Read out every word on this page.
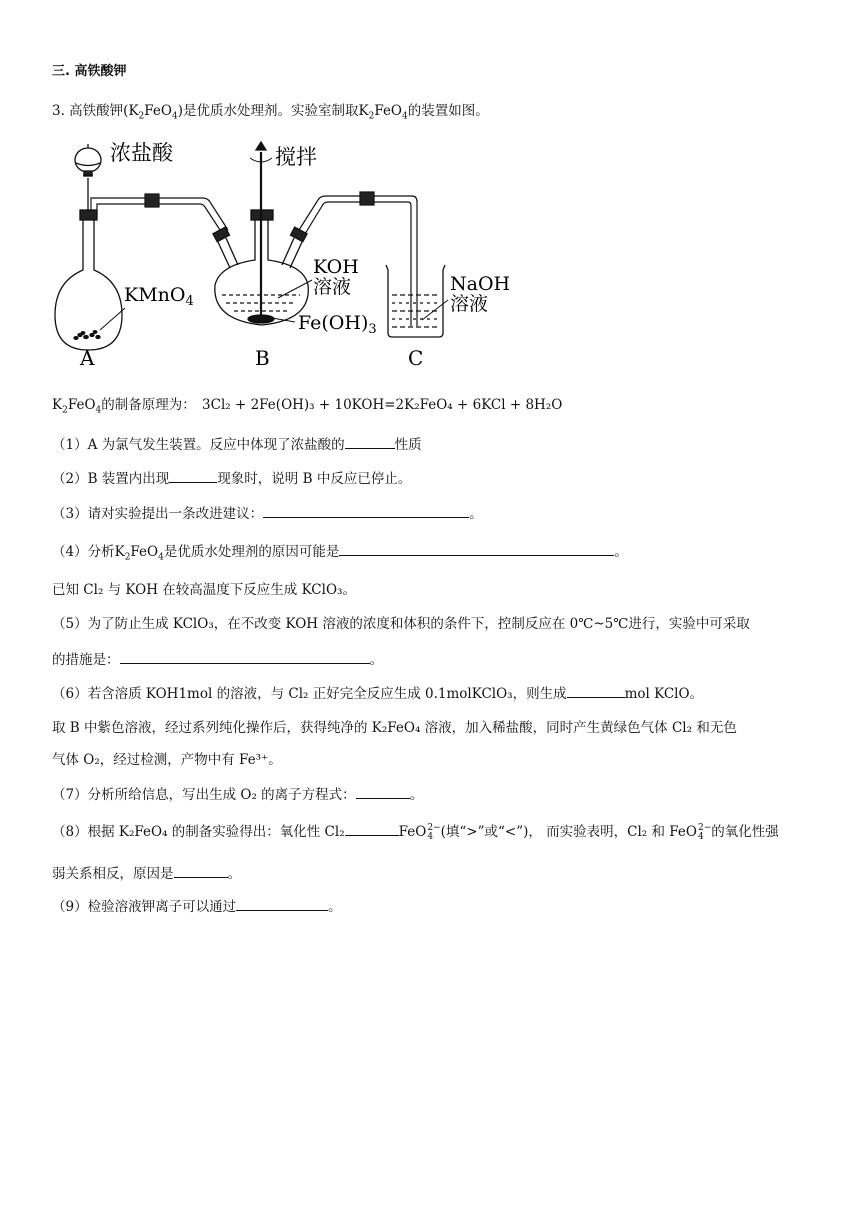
三. 高铁酸钾
3. 高铁酸钾$(K_2FeO_4)$是优质水处理剂。实验室制取$K_2FeO_4$的装置如图。
浓盐酸	搅拌
KMnO$_4$
KOH
溶液
$Fe(OH)_3$
NaOH
溶液
A	B	C
$K_2FeO_4$的制备原理为： 3Cl₂ + 2Fe(OH)₃ + 10KOH=2K₂FeO₄ + 6KCl + 8H₂O
（1）A 为氯气发生装置。反应中体现了浓盐酸的	性质
（2）B 装置内出现	现象时，说明 B 中反应已停止。
（3）请对实验提出一条改进建议：	。
（4）分析$K_2FeO_4$是优质水处理剂的原因可能是	。
已知 Cl₂ 与 KOH 在较高温度下反应生成 KClO₃。
（5）为了防止生成 KClO₃，在不改变 KOH 溶液的浓度和体积的条件下，控制反应在 0℃~5℃进行，实验中可采取
的措施是：	。
（6）若含溶质 KOH1mol 的溶液，与 Cl₂ 正好完全反应生成 0.1molKClO₃，则生成	mol KClO。
取 B 中紫色溶液，经过系列纯化操作后，获得纯净的 K₂FeO₄ 溶液，加入稀盐酸，同时产生黄绿色气体 Cl₂ 和无色
气体 O₂，经过检测，产物中有 Fe³⁺。
（7）分析所给信息，写出生成 O₂ 的离子方程式：	。
（8）根据 K₂FeO₄ 的制备实验得出：氧化性 Cl₂	FeO 2−
4 (填“>”或“<”)， 而实验表明，Cl₂ 和 FeO 2−
4 的氧化性强
弱关系相反，原因是	。
（9）检验溶液钾离子可以通过	。
